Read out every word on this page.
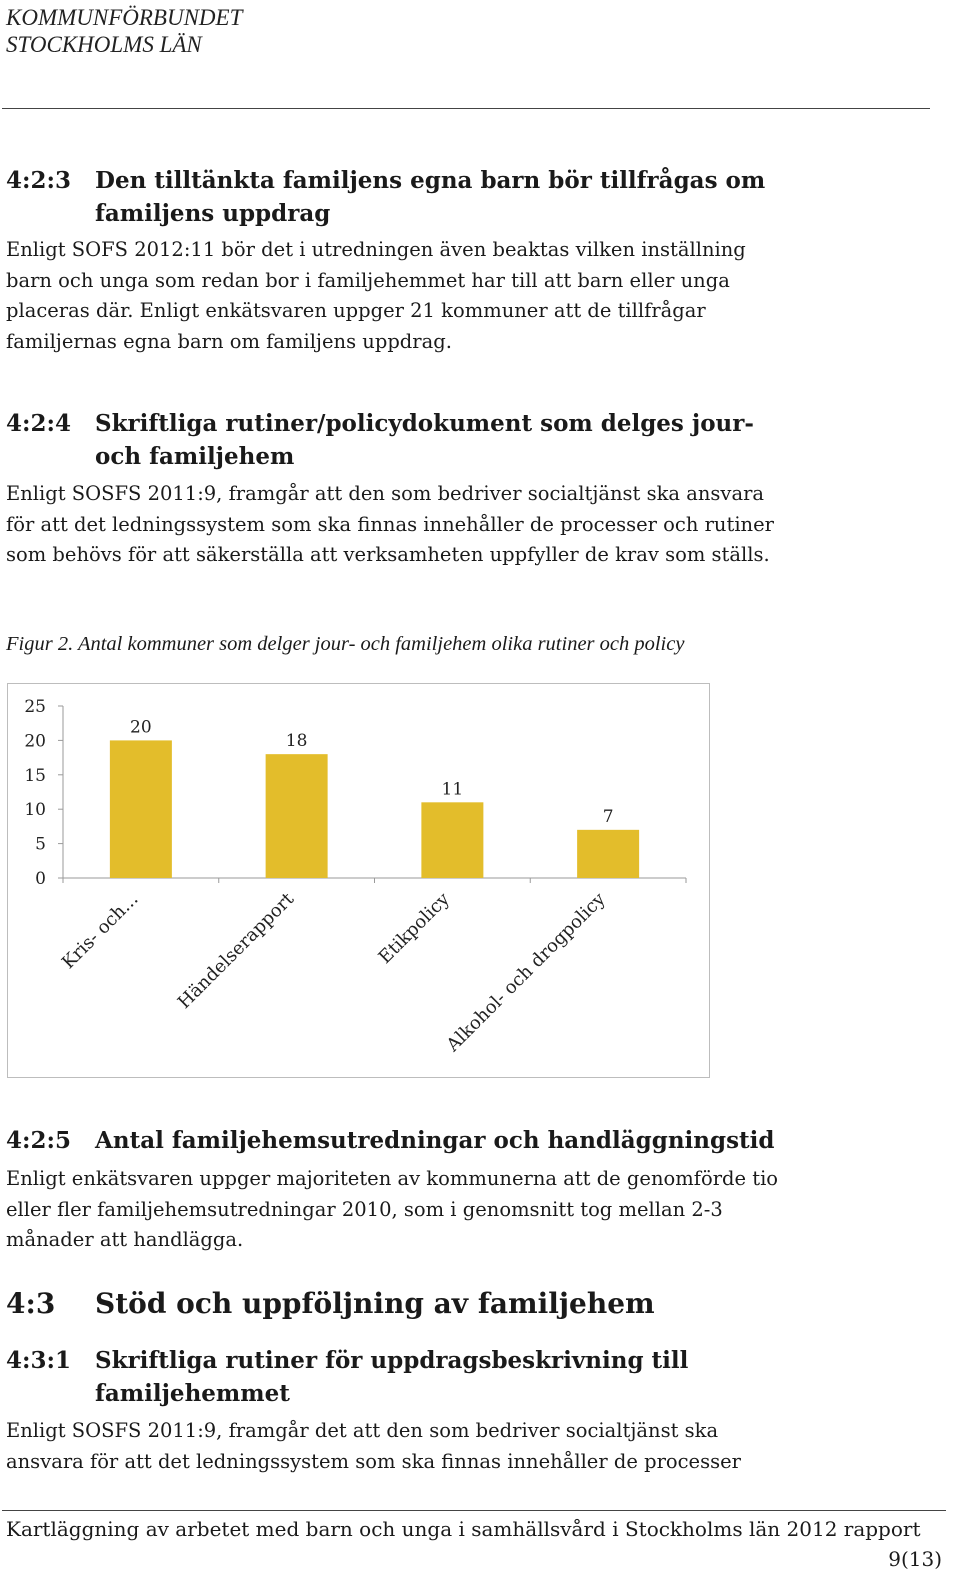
KOMMUNFÖRBUNDET
STOCKHOLMS LÄN
4:2:3 Den tilltänkta familjens egna barn bör tillfrågas om familjens uppdrag
Enligt SOFS 2012:11 bör det i utredningen även beaktas vilken inställning barn och unga som redan bor i familjehemmet har till att barn eller unga placeras där. Enligt enkätsvaren uppger 21 kommuner att de tillfrågar familjernas egna barn om familjens uppdrag.
4:2:4 Skriftliga rutiner/policydokument som delges jour- och familjehem
Enligt SOSFS 2011:9, framgår att den som bedriver socialtjänst ska ansvara för att det ledningssystem som ska finnas innehåller de processer och rutiner som behövs för att säkerställa att verksamheten uppfyller de krav som ställs.
Figur 2. Antal kommuner som delger jour- och familjehem olika rutiner och policy
0
5
10
15
20
25
20
Kris- och...
18
Händelserapport
11
Etikpolicy
7
Alkohol- och drogpolicy
4:2:5 Antal familjehemsutredningar och handläggningstid
Enligt enkätsvaren uppger majoriteten av kommunerna att de genomförde tio eller fler familjehemsutredningar 2010, som i genomsnitt tog mellan 2-3 månader att handlägga.
4:3 Stöd och uppföljning av familjehem
4:3:1 Skriftliga rutiner för uppdragsbeskrivning till familjehemmet
Enligt SOSFS 2011:9, framgår det att den som bedriver socialtjänst ska ansvara för att det ledningssystem som ska finnas innehåller de processer
Kartläggning av arbetet med barn och unga i samhällsvård i Stockholms län 2012 rapport
9(13)
